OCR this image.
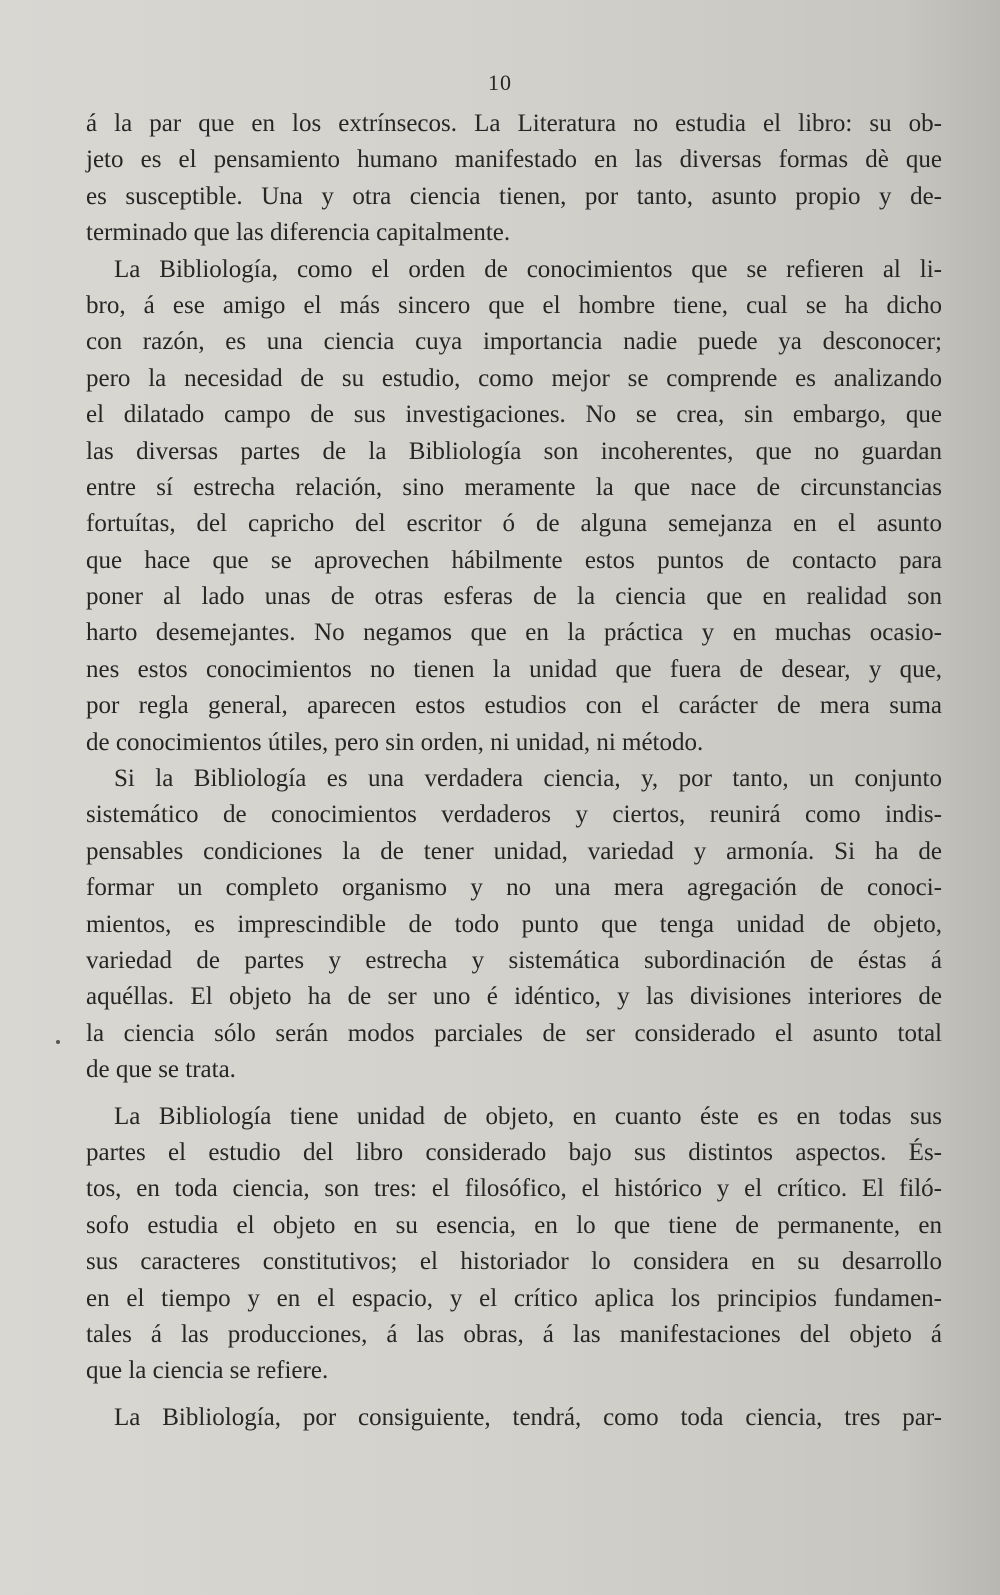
10
á la par que en los extrínsecos. La Literatura no estudia el libro: su ob-
jeto es el pensamiento humano manifestado en las diversas formas dè que
es susceptible. Una y otra ciencia tienen, por tanto, asunto propio y de-
terminado que las diferencia capitalmente.
La Bibliología, como el orden de conocimientos que se refieren al li-
bro, á ese amigo el más sincero que el hombre tiene, cual se ha dicho
con razón, es una ciencia cuya importancia nadie puede ya desconocer;
pero la necesidad de su estudio, como mejor se comprende es analizando
el dilatado campo de sus investigaciones. No se crea, sin embargo, que
las diversas partes de la Bibliología son incoherentes, que no guardan
entre sí estrecha relación, sino meramente la que nace de circunstancias
fortuítas, del capricho del escritor ó de alguna semejanza en el asunto
que hace que se aprovechen hábilmente estos puntos de contacto para
poner al lado unas de otras esferas de la ciencia que en realidad son
harto desemejantes. No negamos que en la práctica y en muchas ocasio-
nes estos conocimientos no tienen la unidad que fuera de desear, y que,
por regla general, aparecen estos estudios con el carácter de mera suma
de conocimientos útiles, pero sin orden, ni unidad, ni método.
Si la Bibliología es una verdadera ciencia, y, por tanto, un conjunto
sistemático de conocimientos verdaderos y ciertos, reunirá como indis-
pensables condiciones la de tener unidad, variedad y armonía. Si ha de
formar un completo organismo y no una mera agregación de conoci-
mientos, es imprescindible de todo punto que tenga unidad de objeto,
variedad de partes y estrecha y sistemática subordinación de éstas á
aquéllas. El objeto ha de ser uno é idéntico, y las divisiones interiores de
la ciencia sólo serán modos parciales de ser considerado el asunto total
de que se trata.
La Bibliología tiene unidad de objeto, en cuanto éste es en todas sus
partes el estudio del libro considerado bajo sus distintos aspectos. És-
tos, en toda ciencia, son tres: el filosófico, el histórico y el crítico. El filó-
sofo estudia el objeto en su esencia, en lo que tiene de permanente, en
sus caracteres constitutivos; el historiador lo considera en su desarrollo
en el tiempo y en el espacio, y el crítico aplica los principios fundamen-
tales á las producciones, á las obras, á las manifestaciones del objeto á
que la ciencia se refiere.
La Bibliología, por consiguiente, tendrá, como toda ciencia, tres par-
